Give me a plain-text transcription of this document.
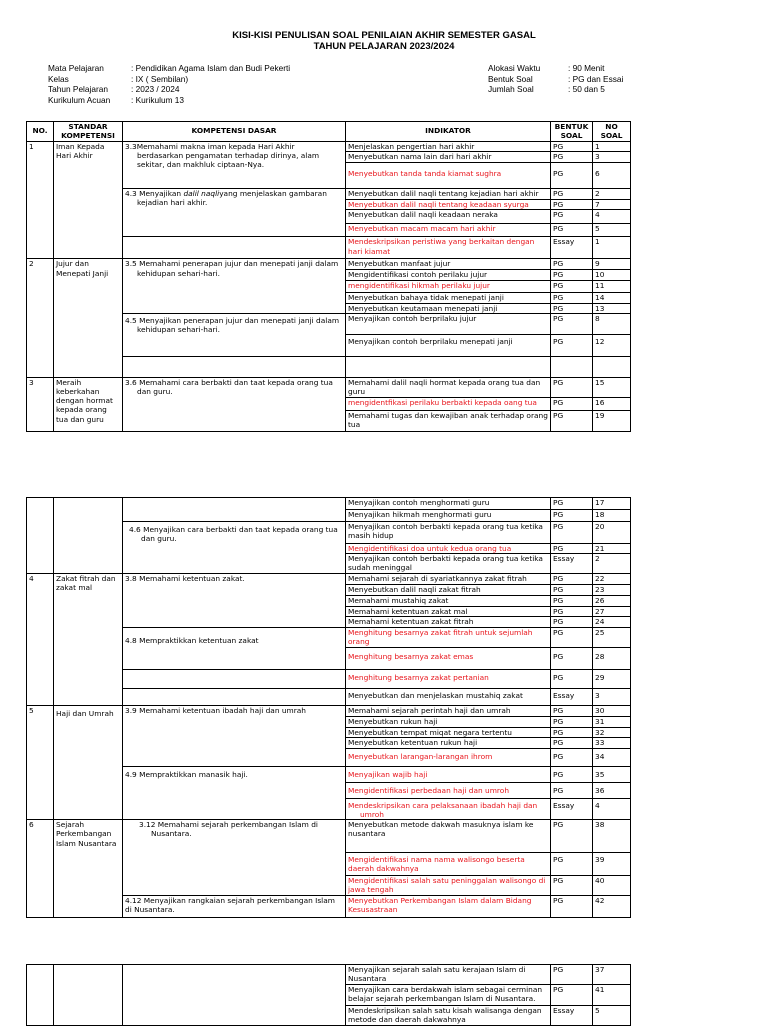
KISI-KISI PENULISAN SOAL PENILAIAN AKHIR SEMESTER GASAL
TAHUN PELAJARAN 2023/2024
Mata Pelajaran	: Pendidikan Agama Islam dan Budi Pekerti
Kelas	: IX ( Sembilan)
Tahun Pelajaran	: 2023 / 2024
Kurikulum Acuan	: Kurikulum 13
Alokasi Waktu	: 90 Menit
Bentuk Soal	: PG dan Essai
Jumlah Soal	: 50 dan 5
NO.	STANDAR KOMPETENSI	KOMPETENSI DASAR	INDIKATOR	BENTUK SOAL	NO SOAL
1	Iman Kepada Hari Akhir	3.3Memahami makna iman kepada Hari Akhir berdasarkan pengamatan terhadap dirinya, alam sekitar, dan makhluk ciptaan-Nya.	Menjelaskan pengertian hari akhir	PG	1
			Menyebutkan nama lain dari hari akhir	PG	3
			Menyebutkan tanda tanda kiamat sughra	PG	6
		4.3 Menyajikan dalil naqliyang menjelaskan gambaran kejadian hari akhir.	Menyebutkan dalil naqli tentang kejadian hari akhir	PG	2
			Menyebutkan dalil naqli tentang keadaan syurga	PG	7
			Menyebutkan dalil naqli keadaan neraka	PG	4
			Menyebutkan macam macam hari akhir	PG	5
			Mendeskripsikan peristiwa yang berkaitan dengan hari kiamat	Essay	1
2	Jujur dan Menepati Janji	3.5 Memahami penerapan jujur dan menepati janji dalam kehidupan sehari-hari.	Menyebutkan manfaat jujur	PG	9
			Mengidentifikasi contoh perilaku jujur	PG	10
			mengidentifikasi hikmah perilaku jujur	PG	11
			Menyebutkan bahaya tidak menepati janji	PG	14
			Menyebutkan keutamaan menepati janji	PG	13
		4.5 Menyajikan penerapan jujur dan menepati janji dalam kehidupan sehari-hari.	Menyajikan contoh berprilaku jujur	PG	8
			Menyajikan contoh berprilaku menepati janji	PG	12

3	Meraih keberkahan dengan hormat kepada orang tua dan guru	3.6 Memahami cara berbakti dan taat kepada orang tua dan guru.	Memahami dalil naqli hormat kepada orang tua dan guru	PG	15
			mengidentfikasi perilaku berbakti kepada oang tua	PG	16
			Memahami tugas dan kewajiban anak terhadap orang tua	PG	19
			Menyajikan contoh menghormati guru	PG	17
			Menyajikan hikmah menghormati guru	PG	18
		4.6 Menyajikan cara berbakti dan taat kepada orang tua dan guru.	Menyajikan contoh berbakti kepada orang tua ketika masih hidup	PG	20
			Mengidentifikasi doa untuk kedua orang tua	PG	21
			Menyajikan contoh berbakti kepada orang tua ketika sudah meninggal	Essay	2
4	Zakat fitrah dan zakat mal	3.8 Memahami ketentuan zakat.	Memahami sejarah di syariatkannya zakat fitrah	PG	22
			Menyebutkan dalil naqli zakat fitrah	PG	23
			Memahami mustahiq zakat	PG	26
			Memahami ketentuan zakat mal	PG	27
			Memahami ketentuan zakat fitrah	PG	24
		4.8 Mempraktikkan ketentuan zakat	Menghitung besarnya zakat fitrah untuk sejumlah orang	PG	25
			Menghitung besarnya zakat emas	PG	28
			Menghitung besarnya zakat pertanian	PG	29
			Menyebutkan dan menjelaskan mustahiq zakat	Essay	3
5	Haji dan Umrah	3.9 Memahami ketentuan ibadah haji dan umrah	Memahami sejarah perintah haji dan umrah	PG	30
			Menyebutkan rukun haji	PG	31
			Menyebutkan tempat miqat negara tertentu	PG	32
			Menyebutkan ketentuan rukun haji	PG	33
			Menyebutkan larangan-larangan ihrom	PG	34
		4.9 Mempraktikkan manasik haji.	Menyajikan wajib haji	PG	35
			Mengidentifikasi perbedaan haji dan umroh	PG	36
			Mendeskripsikan cara pelaksanaan ibadah haji dan umroh	Essay	4
6	Sejarah Perkembangan Islam Nusantara	3.12 Memahami sejarah perkembangan Islam di Nusantara.	Menyebutkan metode dakwah masuknya islam ke nusantara	PG	38
			Mengidentifikasi nama nama walisongo beserta daerah dakwahnya	PG	39
			Mengidentifikasi salah satu peninggalan walisongo di jawa tengah	PG	40
		4.12 Menyajikan rangkaian sejarah perkembangan Islam di Nusantara.	Menyebutkan Perkembangan Islam dalam Bidang Kesusastraan	PG	42
			Menyajikan sejarah salah satu kerajaan Islam di Nusantara	PG	37
			Menyajikan cara berdakwah islam sebagai cerminan belajar sejarah perkembangan Islam di Nusantara.	PG	41
			Mendeskripsikan salah satu kisah walisanga dengan metode dan daerah dakwahnya	Essay	5
